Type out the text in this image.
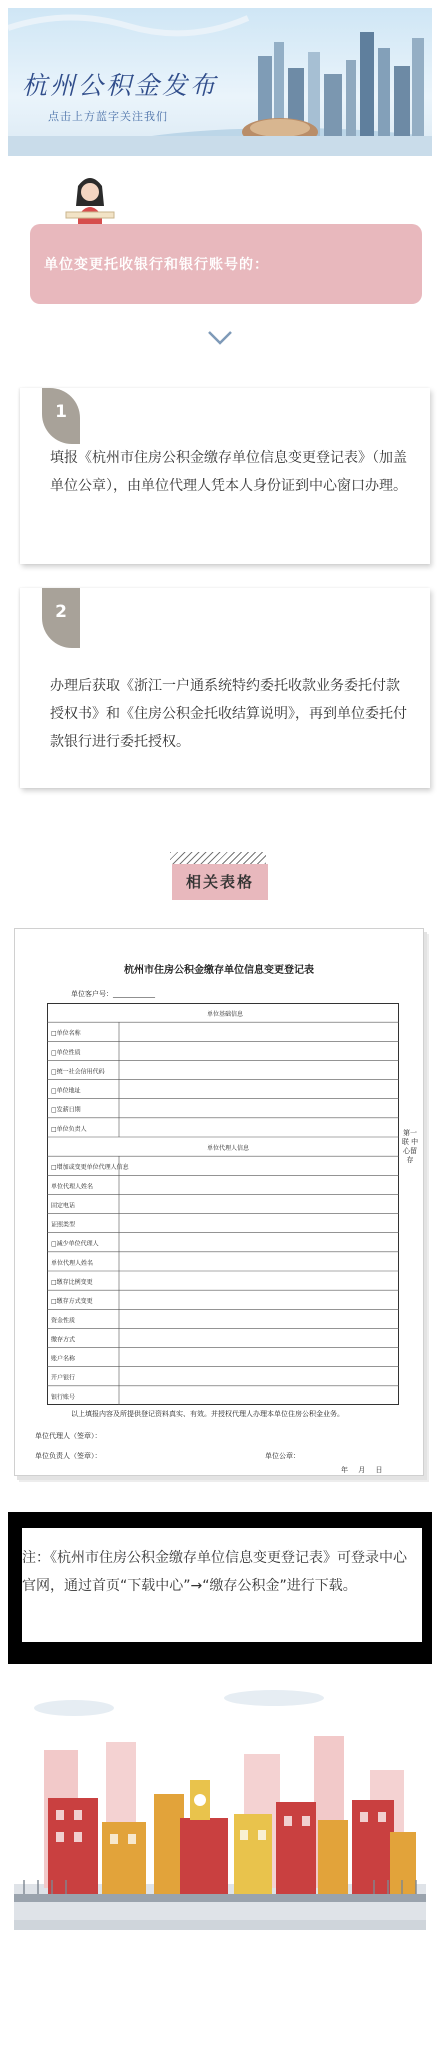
杭州公积金发布
点击上方蓝字关注我们
单位变更托收银行和银行账号的：
1
填报《杭州市住房公积金缴存单位信息变更登记表》（加盖单位公章），由单位代理人凭本人身份证到中心窗口办理。
2
办理后获取《浙江一户通系统特约委托收款业务委托付款授权书》和《住房公积金托收结算说明》，再到单位委托付款银行进行委托授权。
相关表格
杭州市住房公积金缴存单位信息变更登记表
单位客户号：____________
单位基础信息
□单位名称
□单位性质
□统一社会信用代码
□单位地址
□发薪日期
□单位负责人
单位代理人信息
□增加或变更单位代理人信息
单位代理人姓名
固定电话
证照类型
□减少单位代理人
单位代理人姓名
□缴存比例变更
□缴存方式变更
资金性质
缴存方式
账户名称
开户银行
银行账号
第一联 中心留存
以上填报内容及所提供登记资料真实、有效。并授权代理人办理本单位住房公积金业务。
单位代理人（签章）：
单位负责人（签章）：	单位公章：
年 月 日
注：《杭州市住房公积金缴存单位信息变更登记表》可登录中心官网，通过首页“下载中心”→“缴存公积金”进行下载。
